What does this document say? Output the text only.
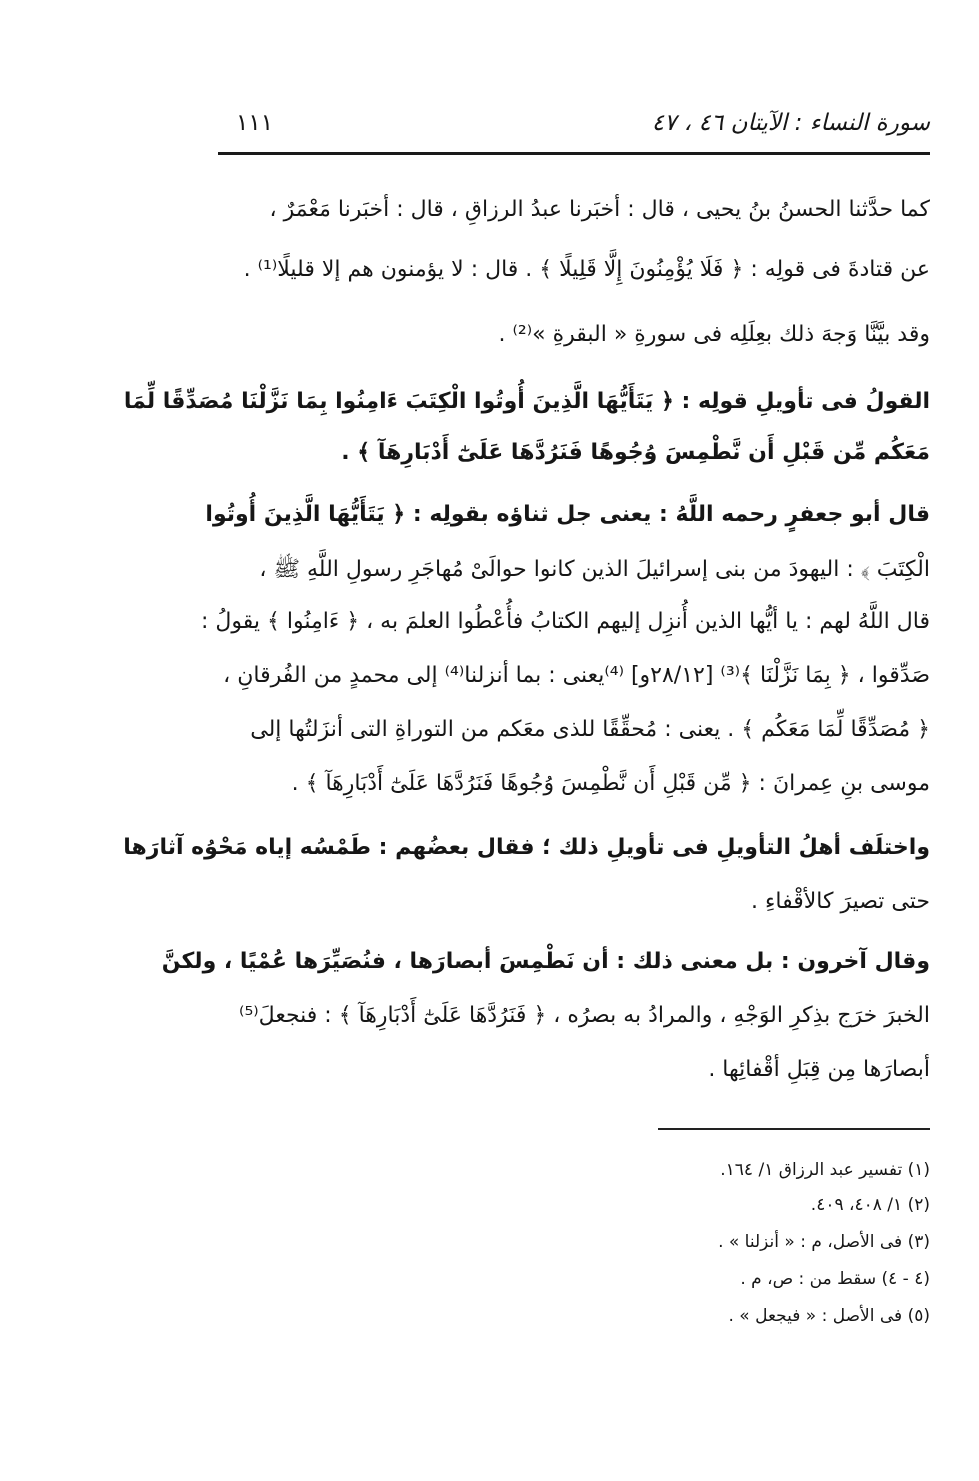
سورة النساء : الآيتان ٤٦ ، ٤٧
١١١
كما حدَّثنا الحسنُ بنُ يحيى ، قال : أخبَرنا عبدُ الرزاقِ ، قال : أخبَرنا مَعْمَرٌ ،
عن قتادةَ فى قولِه : ﴿ فَلَا يُؤْمِنُونَ إِلَّا قَلِيلًا ﴾ . قال : لا يؤمنون هم إلا قليلًا⁽¹⁾ .
وقد بيَّنَّا وَجهَ ذلك بعِلَلِه فى سورةِ « البقرةِ »⁽²⁾ .
القولُ فى تأويلِ قولِه : ﴿ يَتَأَيُّهَا الَّذِينَ أُوتُوا الْكِتَبَ ءَامِنُوا بِمَا نَزَّلْنَا مُصَدِّقًا لِّمَا
مَعَكُم مِّن قَبْلِ أَن نَّطْمِسَ وُجُوهًا فَنَرُدَّهَا عَلَىٰٓ أَدْبَارِهَآ ﴾ .
قال أبو جعفرٍ رحمه اللَّهُ : يعنى جل ثناؤه بقولِه : ﴿ يَتَأَيُّهَا الَّذِينَ أُوتُوا
الْكِتَبَ ﴾ : اليهودَ من بنى إسرائيلَ الذين كانوا حوالَىْ مُهاجَرِ رسولِ اللَّهِ ﷺ ،
قال اللَّهُ لهم : يا أيُّها الذين أُنزِل إليهم الكتابُ فأُعْطُوا العلمَ به ، ﴿ ءَامِنُوا ﴾ يقولُ :
صَدِّقوا ، ﴿ بِمَا نَزَّلْنَا ﴾⁽³⁾ [٢٨/١٢و] ⁽⁴⁾يعنى : بما أنزلنا⁽⁴⁾ إلى محمدٍ من الفُرقانِ ،
﴿ مُصَدِّقًا لِّمَا مَعَكُم ﴾ . يعنى : مُحقِّقًا للذى معَكم من التوراةِ التى أنزَلتُها إلى
موسى بنِ عِمرانَ : ﴿ مِّن قَبْلِ أَن نَّطْمِسَ وُجُوهًا فَنَرُدَّهَا عَلَىٰٓ أَدْبَارِهَآ ﴾ .
واختلَف أهلُ التأويلِ فى تأويلِ ذلك ؛ فقال بعضُهم : طَمْسُه إياه مَحْوُه آثارَها
حتى تصيرَ كالأقْفاءِ .
وقال آخرون : بل معنى ذلك : أن نَطْمِسَ أبصارَها ، فنُصَيِّرَها عُمْيًا ، ولكنَّ
الخبرَ خرَج بذِكرِ الوَجْهِ ، والمرادُ به بصرُه ، ﴿ فَنَرُدَّهَا عَلَىٰٓ أَدْبَارِهَآ ﴾ : فنجعلَ⁽⁵⁾
أبصارَها مِن قِبَلِ أقْفائِها .
(١) تفسير عبد الرزاق ١/ ١٦٤.
(٢) ١/ ٤٠٨، ٤٠٩.
(٣) فى الأصل، م : « أنزلنا » .
(٤ - ٤) سقط من : ص، م .
(٥) فى الأصل : « فيجعل » .
